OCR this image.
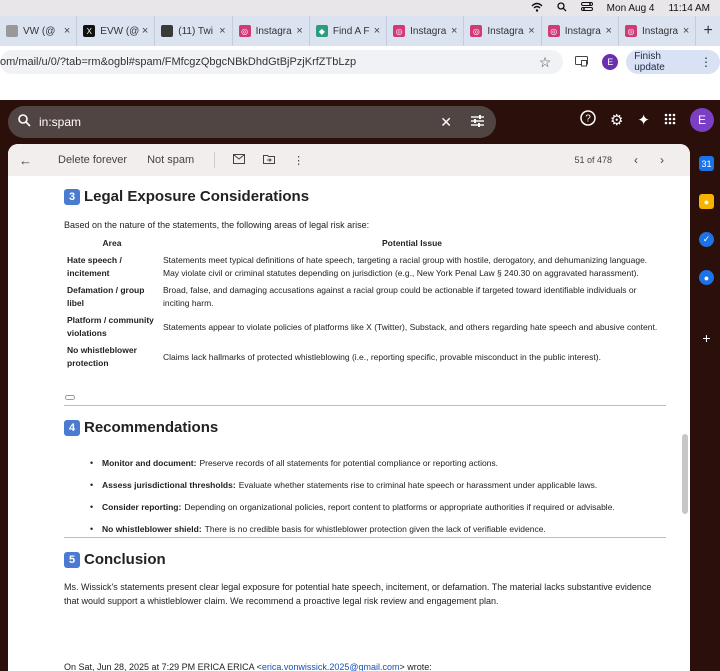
Mon Aug 4 11:14 AM
VW (@ ×	X EVW (@ ×	(11) Twi ×	◎ Instagra ×	◆ Find A F ×	◎ Instagra ×	◎ Instagra ×	◎ Instagra ×	◎ Instagra × +
om/mail/u/0/?tab=rm&ogbl#spam/FMfcgzQbgcNBkDhdGtBjPzjKrfZTbLzp	☆	E	Finish update	⋮
in:spam	✕	? ⚙ ✦	E
31
●
✓
●
+
← Delete forever Not spam	⋮	51 of 478 ‹ ›
3 Legal Exposure Considerations
Based on the nature of the statements, the following areas of legal risk arise:
Area	Potential Issue
Hate speech / incitement	Statements meet typical definitions of hate speech, targeting a racial group with hostile, derogatory, and dehumanizing language. May violate civil or criminal statutes depending on jurisdiction (e.g., New York Penal Law § 240.30 on aggravated harassment).
Defamation / group libel	Broad, false, and damaging accusations against a racial group could be actionable if targeted toward identifiable individuals or inciting harm.
Platform / community violations	Statements appear to violate policies of platforms like X (Twitter), Substack, and others regarding hate speech and abusive content.
No whistleblower protection	Claims lack hallmarks of protected whistleblowing (i.e., reporting specific, provable misconduct in the public interest).
4 Recommendations
• Monitor and document: Preserve records of all statements for potential compliance or reporting actions.
• Assess jurisdictional thresholds: Evaluate whether statements rise to criminal hate speech or harassment under applicable laws.
• Consider reporting: Depending on organizational policies, report content to platforms or appropriate authorities if required or advisable.
• No whistleblower shield: There is no credible basis for whistleblower protection given the lack of verifiable evidence.
5 Conclusion
Ms. Wissick's statements present clear legal exposure for potential hate speech, incitement, or defamation. The material lacks substantive evidence that would support a whistleblower claim. We recommend a proactive legal risk review and engagement plan.
On Sat, Jun 28, 2025 at 7:29 PM ERICA ERICA <erica.vonwissick.2025@gmail.com> wrote:
